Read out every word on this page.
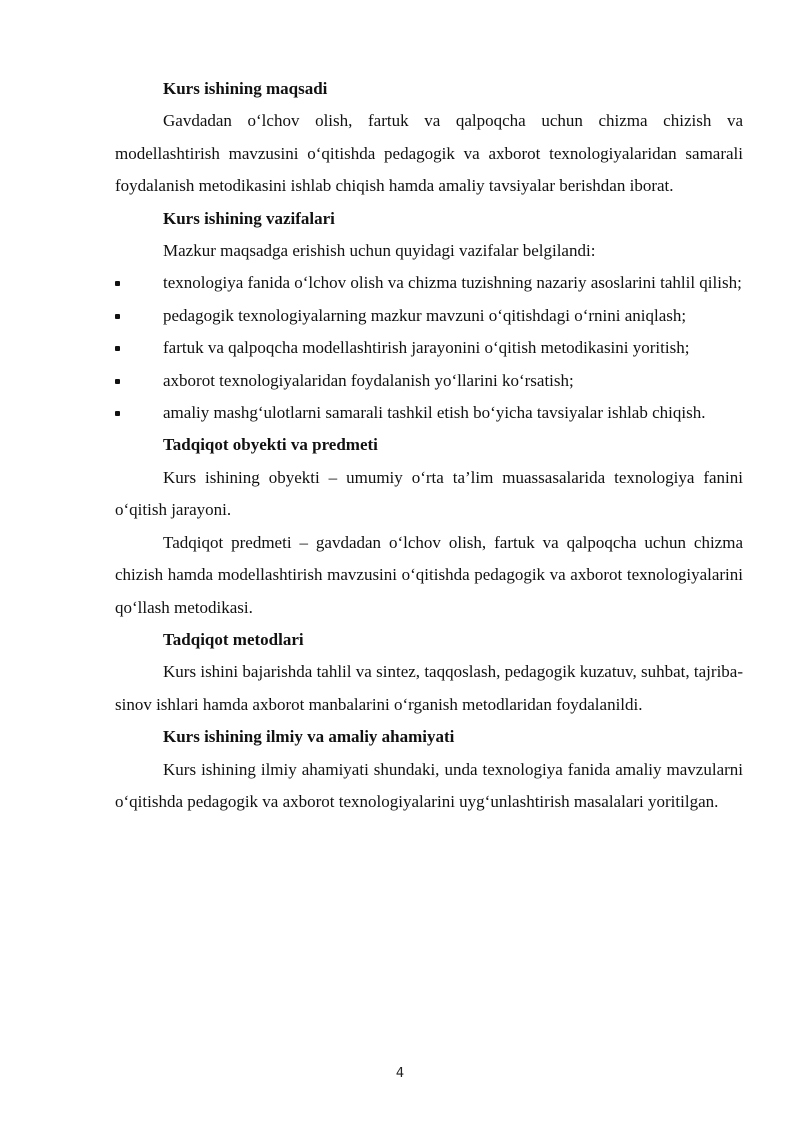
Kurs ishining maqsadi

Gavdadan o‘lchov olish, fartuk va qalpoqcha uchun chizma chizish va modellashtirish mavzusini o‘qitishda pedagogik va axborot texnologiyalaridan samarali foydalanish metodikasini ishlab chiqish hamda amaliy tavsiyalar berishdan iborat.

Kurs ishining vazifalari

Mazkur maqsadga erishish uchun quyidagi vazifalar belgilandi:

texnologiya fanida o‘lchov olish va chizma tuzishning nazariy asoslarini tahlil qilish;

pedagogik texnologiyalarning mazkur mavzuni o‘qitishdagi o‘rnini aniqlash;

fartuk va qalpoqcha modellashtirish jarayonini o‘qitish metodikasini yoritish;

axborot texnologiyalaridan foydalanish yo‘llarini ko‘rsatish;

amaliy mashg‘ulotlarni samarali tashkil etish bo‘yicha tavsiyalar ishlab chiqish.

Tadqiqot obyekti va predmeti

Kurs ishining obyekti – umumiy o‘rta ta’lim muassasalarida texnologiya fanini o‘qitish jarayoni.

Tadqiqot predmeti – gavdadan o‘lchov olish, fartuk va qalpoqcha uchun chizma chizish hamda modellashtirish mavzusini o‘qitishda pedagogik va axborot texnologiyalarini qo‘llash metodikasi.

Tadqiqot metodlari

Kurs ishini bajarishda tahlil va sintez, taqqoslash, pedagogik kuzatuv, suhbat, tajriba-sinov ishlari hamda axborot manbalarini o‘rganish metodlaridan foydalanildi.

Kurs ishining ilmiy va amaliy ahamiyati

Kurs ishining ilmiy ahamiyati shundaki, unda texnologiya fanida amaliy mavzularni o‘qitishda pedagogik va axborot texnologiyalarini uyg‘unlashtirish masalalari yoritilgan.

4
